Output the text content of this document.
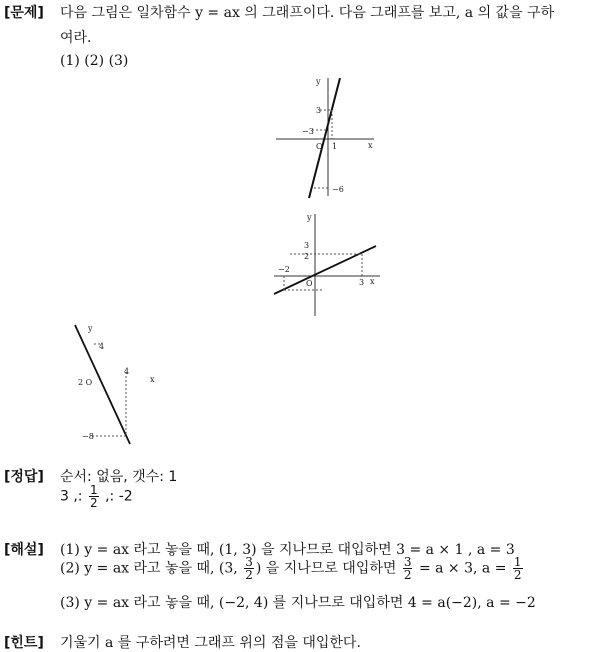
[문제] 다음 그림은 일차함수 y = ax 의 그래프이다. 다음 그래프를 보고, a 의 값을 구하
여라.
(1) (2) (3)
y
x
3
−3
O 1
−6
y
x
3
2
−2
O	3
y
x
4
2 O
4
−8
[정답] 순서: 없음, 갯수: 1
3 ,: $\frac{1}{2}$ ,: -2
[해설] (1) y = ax 라고 놓을 때, (1, 3) 을 지나므로 대입하면 3 = a × 1 , a = 3
(2) y = ax 라고 놓을 때, (3, $\frac{3}{2}$ ) 을 지나므로 대입하면 $\frac{3}{2} = a \times 3$, $a = \frac{1}{2}$
(3) y = ax 라고 놓을 때, (−2, 4) 를 지나므로 대입하면 4 = a(−2), a = −2
[힌트] 기울기 a 를 구하려면 그래프 위의 점을 대입한다.
